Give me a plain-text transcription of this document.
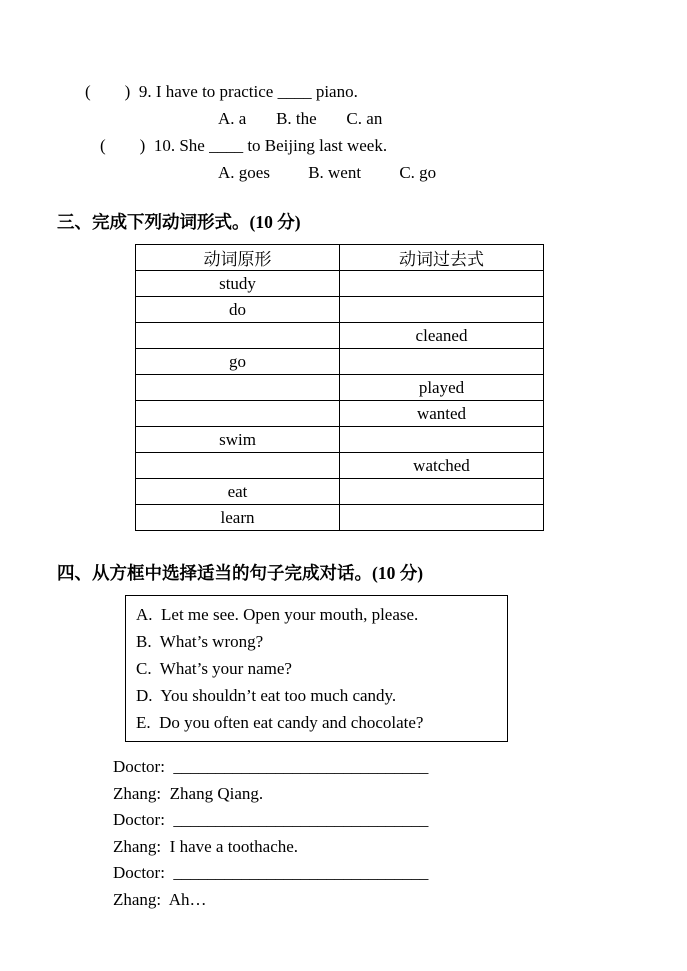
(        )  9. I have to practice ____ piano.
A. a       B. the       C. an
(        )  10. She ____ to Beijing last week.
A. goes         B. went         C. go
三、完成下列动词形式。(10 分)
动词原形	动词过去式
study	
do	
	cleaned
go	
	played
	wanted
swim	
	watched
eat	
learn	
四、从方框中选择适当的句子完成对话。(10 分)
A.  Let me see. Open your mouth, please.
B.  What’s wrong?
C.  What’s your name?
D.  You shouldn’t eat too much candy.
E.  Do you often eat candy and chocolate?
Doctor:  ______________________________
Zhang:  Zhang Qiang.
Doctor:  ______________________________
Zhang:  I have a toothache.
Doctor:  ______________________________
Zhang:  Ah…
